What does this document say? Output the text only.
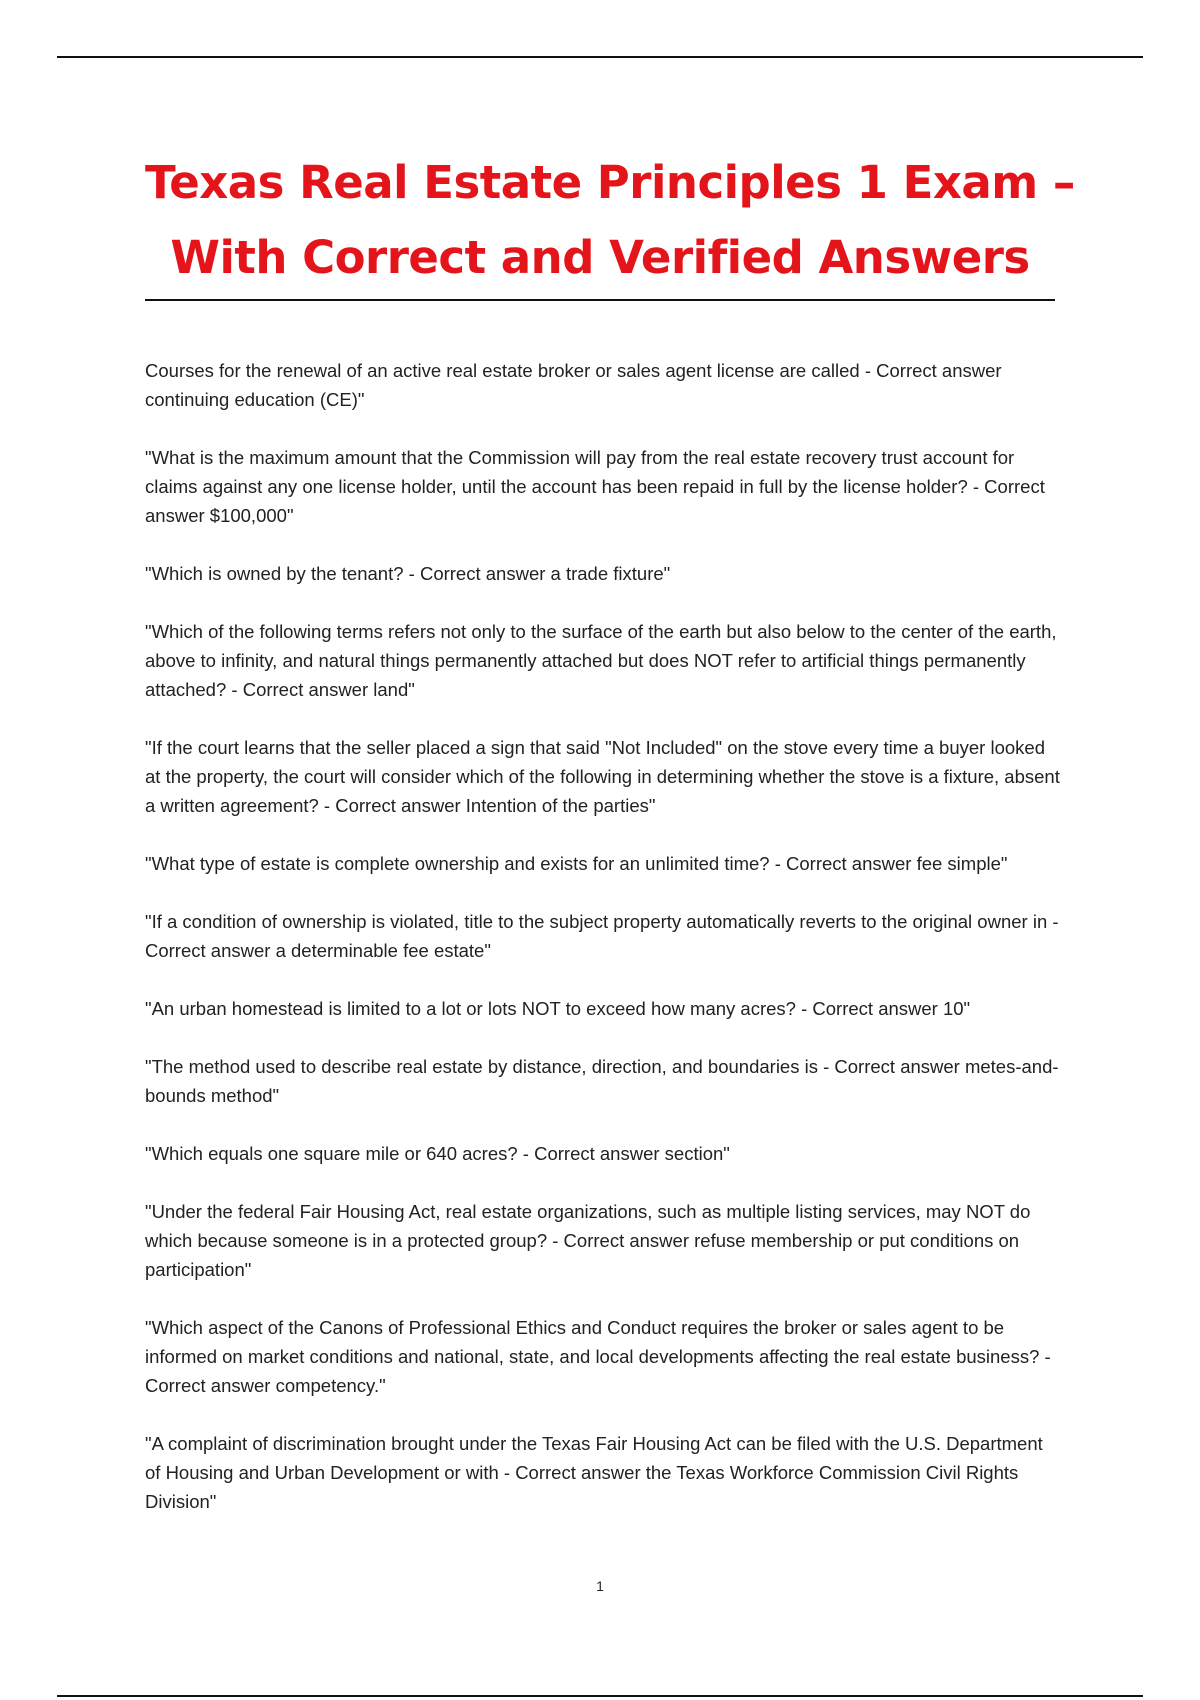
Texas Real Estate Principles 1 Exam –
With Correct and Verified Answers
Courses for the renewal of an active real estate broker or sales agent license are called - Correct answer continuing education (CE)"
"What is the maximum amount that the Commission will pay from the real estate recovery trust account for claims against any one license holder, until the account has been repaid in full by the license holder? - Correct answer $100,000"
"Which is owned by the tenant? - Correct answer a trade fixture"
"Which of the following terms refers not only to the surface of the earth but also below to the center of the earth, above to infinity, and natural things permanently attached but does NOT refer to artificial things permanently attached? - Correct answer land"
"If the court learns that the seller placed a sign that said "Not Included" on the stove every time a buyer looked at the property, the court will consider which of the following in determining whether the stove is a fixture, absent a written agreement? - Correct answer Intention of the parties"
"What type of estate is complete ownership and exists for an unlimited time? - Correct answer fee simple"
"If a condition of ownership is violated, title to the subject property automatically reverts to the original owner in - Correct answer a determinable fee estate"
"An urban homestead is limited to a lot or lots NOT to exceed how many acres? - Correct answer 10"
"The method used to describe real estate by distance, direction, and boundaries is - Correct answer metes-and-bounds method"
"Which equals one square mile or 640 acres? - Correct answer section"
"Under the federal Fair Housing Act, real estate organizations, such as multiple listing services, may NOT do which because someone is in a protected group? - Correct answer refuse membership or put conditions on participation"
"Which aspect of the Canons of Professional Ethics and Conduct requires the broker or sales agent to be informed on market conditions and national, state, and local developments affecting the real estate business? - Correct answer competency."
"A complaint of discrimination brought under the Texas Fair Housing Act can be filed with the U.S. Department of Housing and Urban Development or with - Correct answer the Texas Workforce Commission Civil Rights Division"
1
